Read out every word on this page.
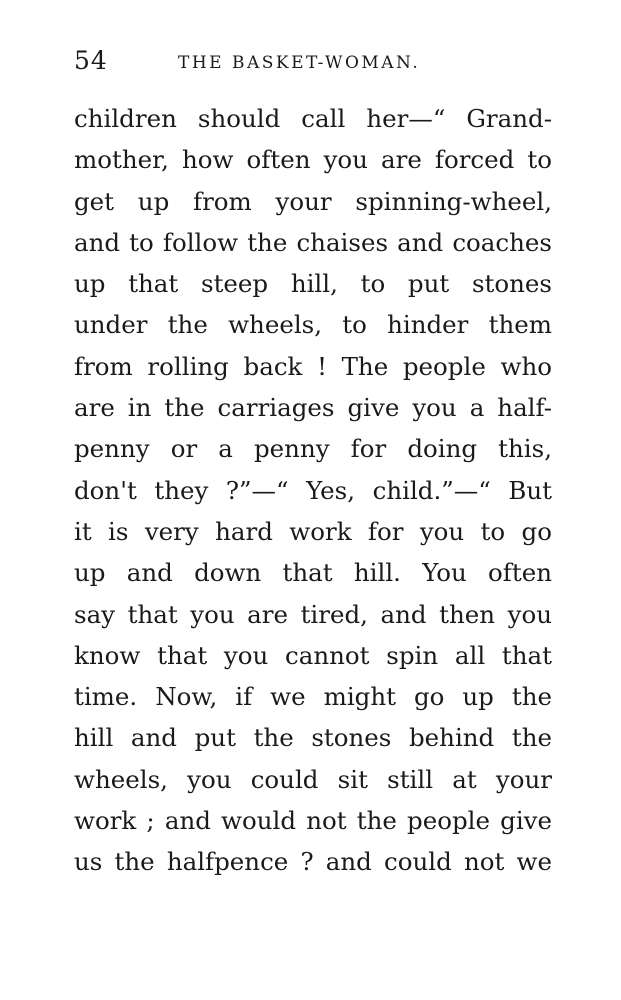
54	THE BASKET-WOMAN.
children should call her—“ Grand-
mother, how often you are forced to
get up from your spinning-wheel,
and to follow the chaises and coaches
up that steep hill, to put stones
under the wheels, to hinder them
from rolling back ! The people who
are in the carriages give you a half-
penny or a penny for doing this,
don't they ?”—“ Yes, child.”—“ But
it is very hard work for you to go
up and down that hill. You often
say that you are tired, and then you
know that you cannot spin all that
time. Now, if we might go up the
hill and put the stones behind the
wheels, you could sit still at your
work ; and would not the people give
us the halfpence ? and could not we
